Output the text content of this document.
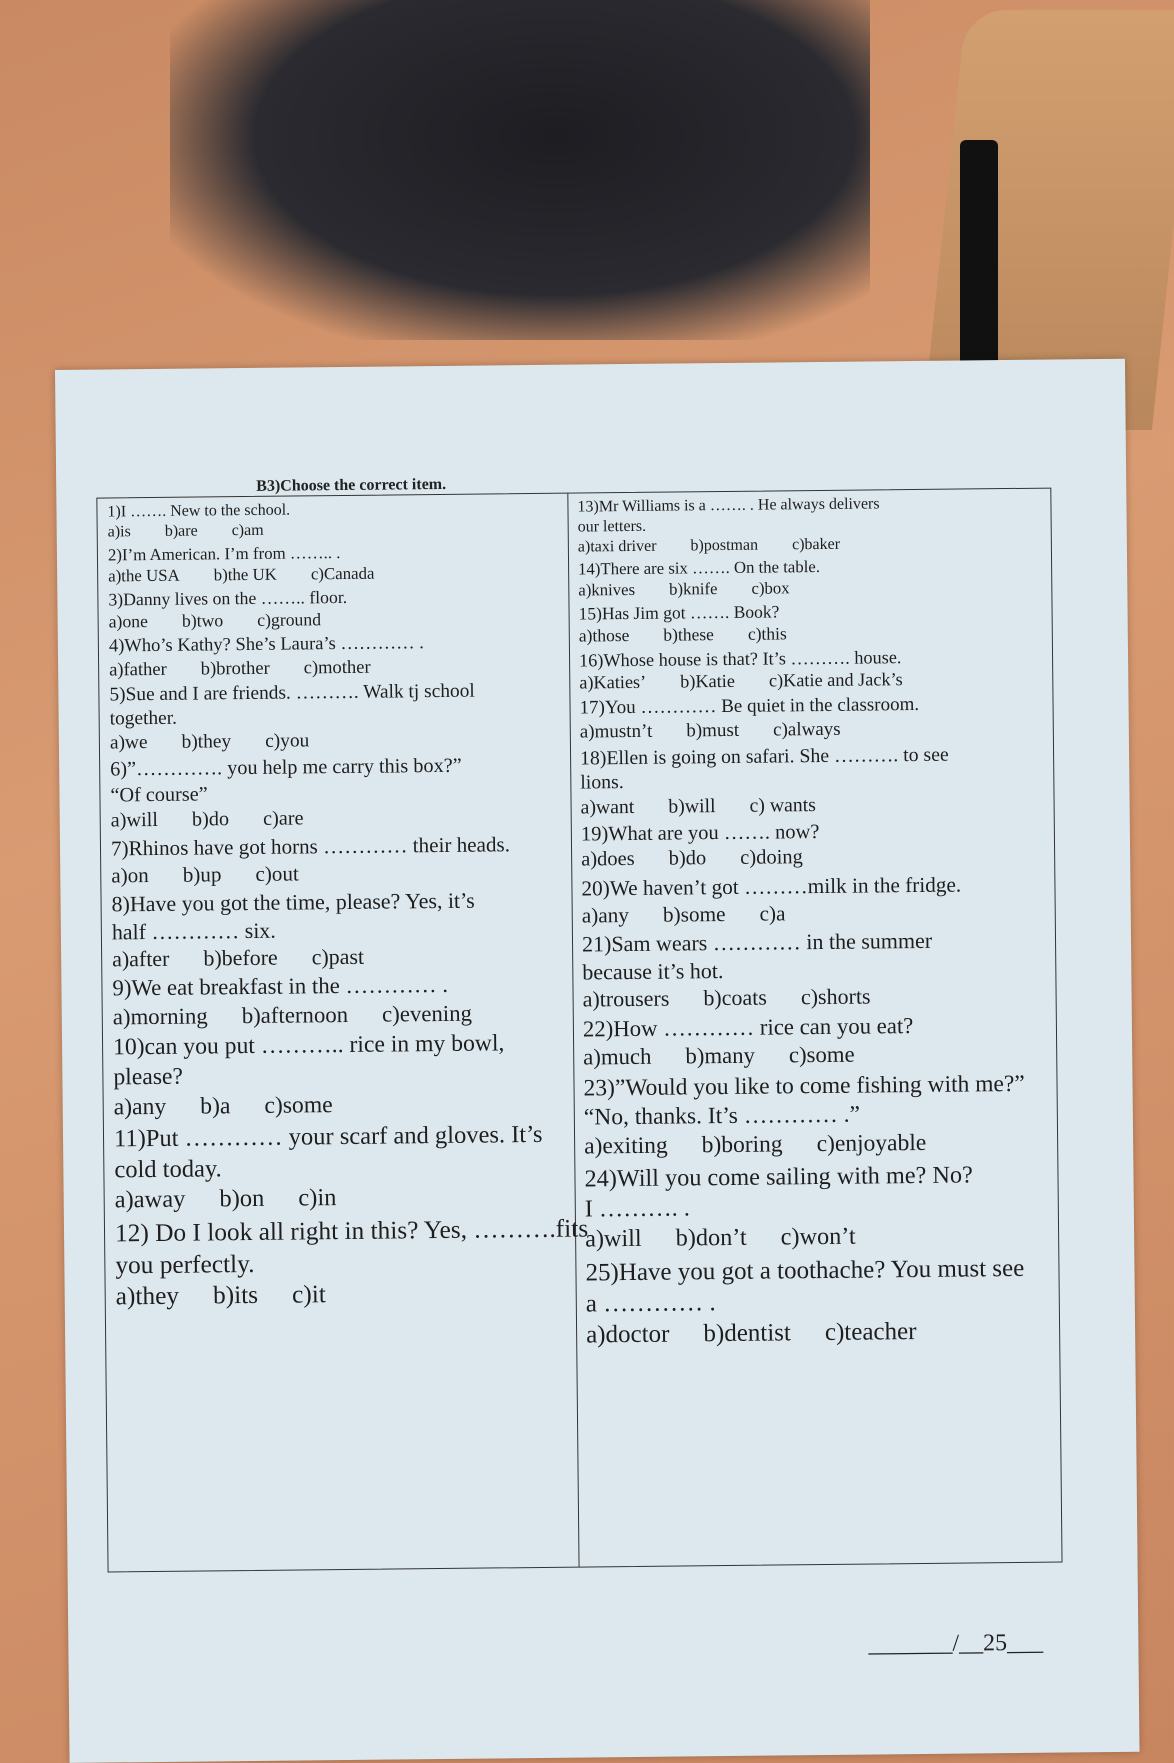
B3)Choose the correct item.
1)I ……. New to the school.
a)is b)are c)am
2)I’m American. I’m from …….. .
a)the USA b)the UK c)Canada
3)Danny lives on the …….. floor.
a)one b)two c)ground
4)Who’s Kathy? She’s Laura’s ………… .
a)father b)brother c)mother
5)Sue and I are friends. ………. Walk tj school
together.
a)we b)they c)you
6)”…………. you help me carry this box?”
“Of course”
a)will b)do c)are
7)Rhinos have got horns ………… their heads.
a)on b)up c)out
8)Have you got the time, please? Yes, it’s
half ………… six.
a)after b)before c)past
9)We eat breakfast in the ………… .
a)morning b)afternoon c)evening
10)can you put ……….. rice in my bowl,
please?
a)any b)a c)some
11)Put ………… your scarf and gloves. It’s
cold today.
a)away b)on c)in
12) Do I look all right in this? Yes, ……….fits
you perfectly.
a)they b)its c)it
13)Mr Williams is a ……. . He always delivers
our letters.
a)taxi driver b)postman c)baker
14)There are six ……. On the table.
a)knives b)knife c)box
15)Has Jim got ……. Book?
a)those b)these c)this
16)Whose house is that? It’s ………. house.
a)Katies’ b)Katie c)Katie and Jack’s
17)You ………… Be quiet in the classroom.
a)mustn’t b)must c)always
18)Ellen is going on safari. She ………. to see
lions.
a)want b)will c) wants
19)What are you ……. now?
a)does b)do c)doing
20)We haven’t got ………milk in the fridge.
a)any b)some c)a
21)Sam wears ………… in the summer
because it’s hot.
a)trousers b)coats c)shorts
22)How ………… rice can you eat?
a)much b)many c)some
23)”Would you like to come fishing with me?”
“No, thanks. It’s ………… .”
a)exiting b)boring c)enjoyable
24)Will you come sailing with me? No?
I ………. .
a)will b)don’t c)won’t
25)Have you got a toothache? You must see
a ………… .
a)doctor b)dentist c)teacher
_______/__25___
